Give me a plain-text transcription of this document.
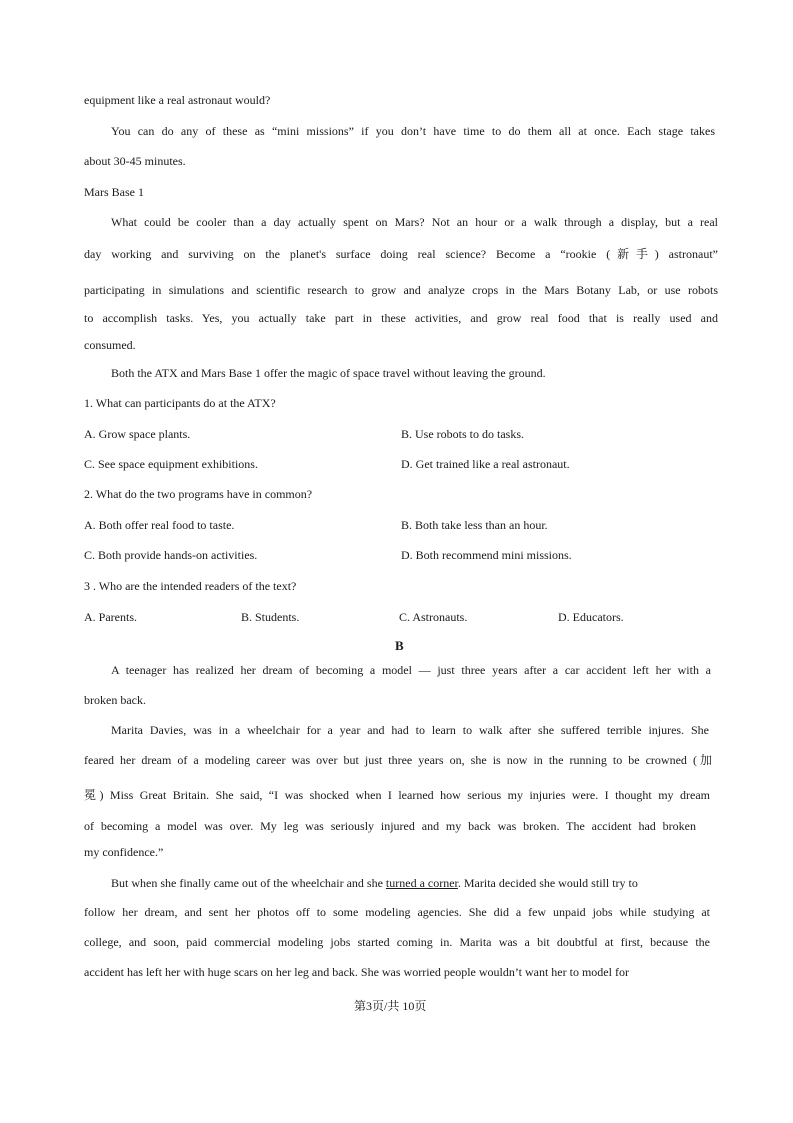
equipment like a real astronaut would?
You can do any of these as “mini missions” if you don’t have time to do them all at once. Each stage takes
about 30-45 minutes.
Mars Base 1
What could be cooler than a day actually spent on Mars? Not an hour or a walk through a display, but a real
day working and surviving on the planet's surface doing real science? Become a “rookie (新手) astronaut”
participating in simulations and scientific research to grow and analyze crops in the Mars Botany Lab, or use robots
to accomplish tasks. Yes, you actually take part in these activities, and grow real food that is really used and
consumed.
Both the ATX and Mars Base 1 offer the magic of space travel without leaving the ground.
1. What can participants do at the ATX?
A. Grow space plants.	B. Use robots to do tasks.
C. See space equipment exhibitions.	D. Get trained like a real astronaut.
2. What do the two programs have in common?
A. Both offer real food to taste.	B. Both take less than an hour.
C. Both provide hands-on activities.	D. Both recommend mini missions.
3 . Who are the intended readers of the text?
A. Parents.	B. Students.	C. Astronauts.	D. Educators.
B
A teenager has realized her dream of becoming a model — just three years after a car accident left her with a
broken back.
Marita Davies, was in a wheelchair for a year and had to learn to walk after she suffered terrible injures. She
feared her dream of a modeling career was over but just three years on, she is now in the running to be crowned (加
冕) Miss Great Britain. She said, “I was shocked when I learned how serious my injuries were. I thought my dream
of becoming a model was over. My leg was seriously injured and my back was broken. The accident had broken
my confidence.”
But when she finally came out of the wheelchair and she turned a corner. Marita decided she would still try to
follow her dream, and sent her photos off to some modeling agencies. She did a few unpaid jobs while studying at
college, and soon, paid commercial modeling jobs started coming in. Marita was a bit doubtful at first, because the
accident has left her with huge scars on her leg and back. She was worried people wouldn’t want her to model for
第3页/共 10页
